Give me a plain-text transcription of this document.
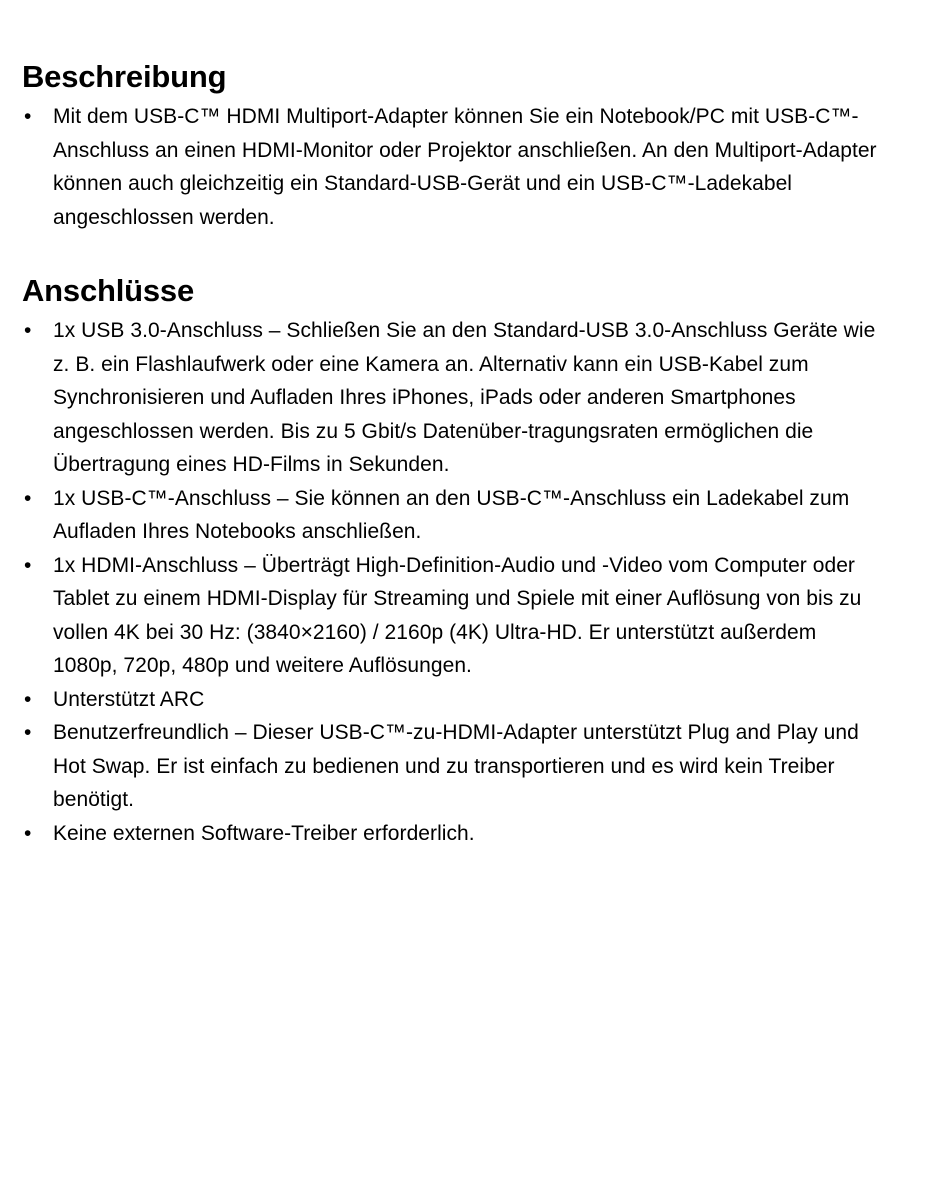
Beschreibung
• Mit dem USB-C™ HDMI Multiport-Adapter können Sie ein Notebook/PC mit USB-C™-Anschluss an einen HDMI-Monitor oder Projektor anschließen. An den Multiport-Adapter können auch gleichzeitig ein Standard-USB-Gerät und ein USB-C™-Ladekabel angeschlossen werden.
Anschlüsse
• 1x USB 3.0-Anschluss – Schließen Sie an den Standard-USB 3.0-Anschluss Geräte wie z. B. ein Flashlaufwerk oder eine Kamera an. Alternativ kann ein USB-Kabel zum Synchronisieren und Aufladen Ihres iPhones, iPads oder anderen Smartphones angeschlossen werden. Bis zu 5 Gbit/s Datenüber-tragungsraten ermöglichen die Übertragung eines HD-Films in Sekunden.
• 1x USB-C™-Anschluss – Sie können an den USB-C™-Anschluss ein Ladekabel zum Aufladen Ihres Notebooks anschließen.
• 1x HDMI-Anschluss – Überträgt High-Definition-Audio und -Video vom Computer oder Tablet zu einem HDMI-Display für Streaming und Spiele mit einer Auflösung von bis zu vollen 4K bei 30 Hz: (3840×2160) / 2160p (4K) Ultra-HD. Er unterstützt außerdem 1080p, 720p, 480p und weitere Auflösungen.
• Unterstützt ARC
• Benutzerfreundlich – Dieser USB-C™-zu-HDMI-Adapter unterstützt Plug and Play und Hot Swap. Er ist einfach zu bedienen und zu transportieren und es wird kein Treiber benötigt.
• Keine externen Software-Treiber erforderlich.
